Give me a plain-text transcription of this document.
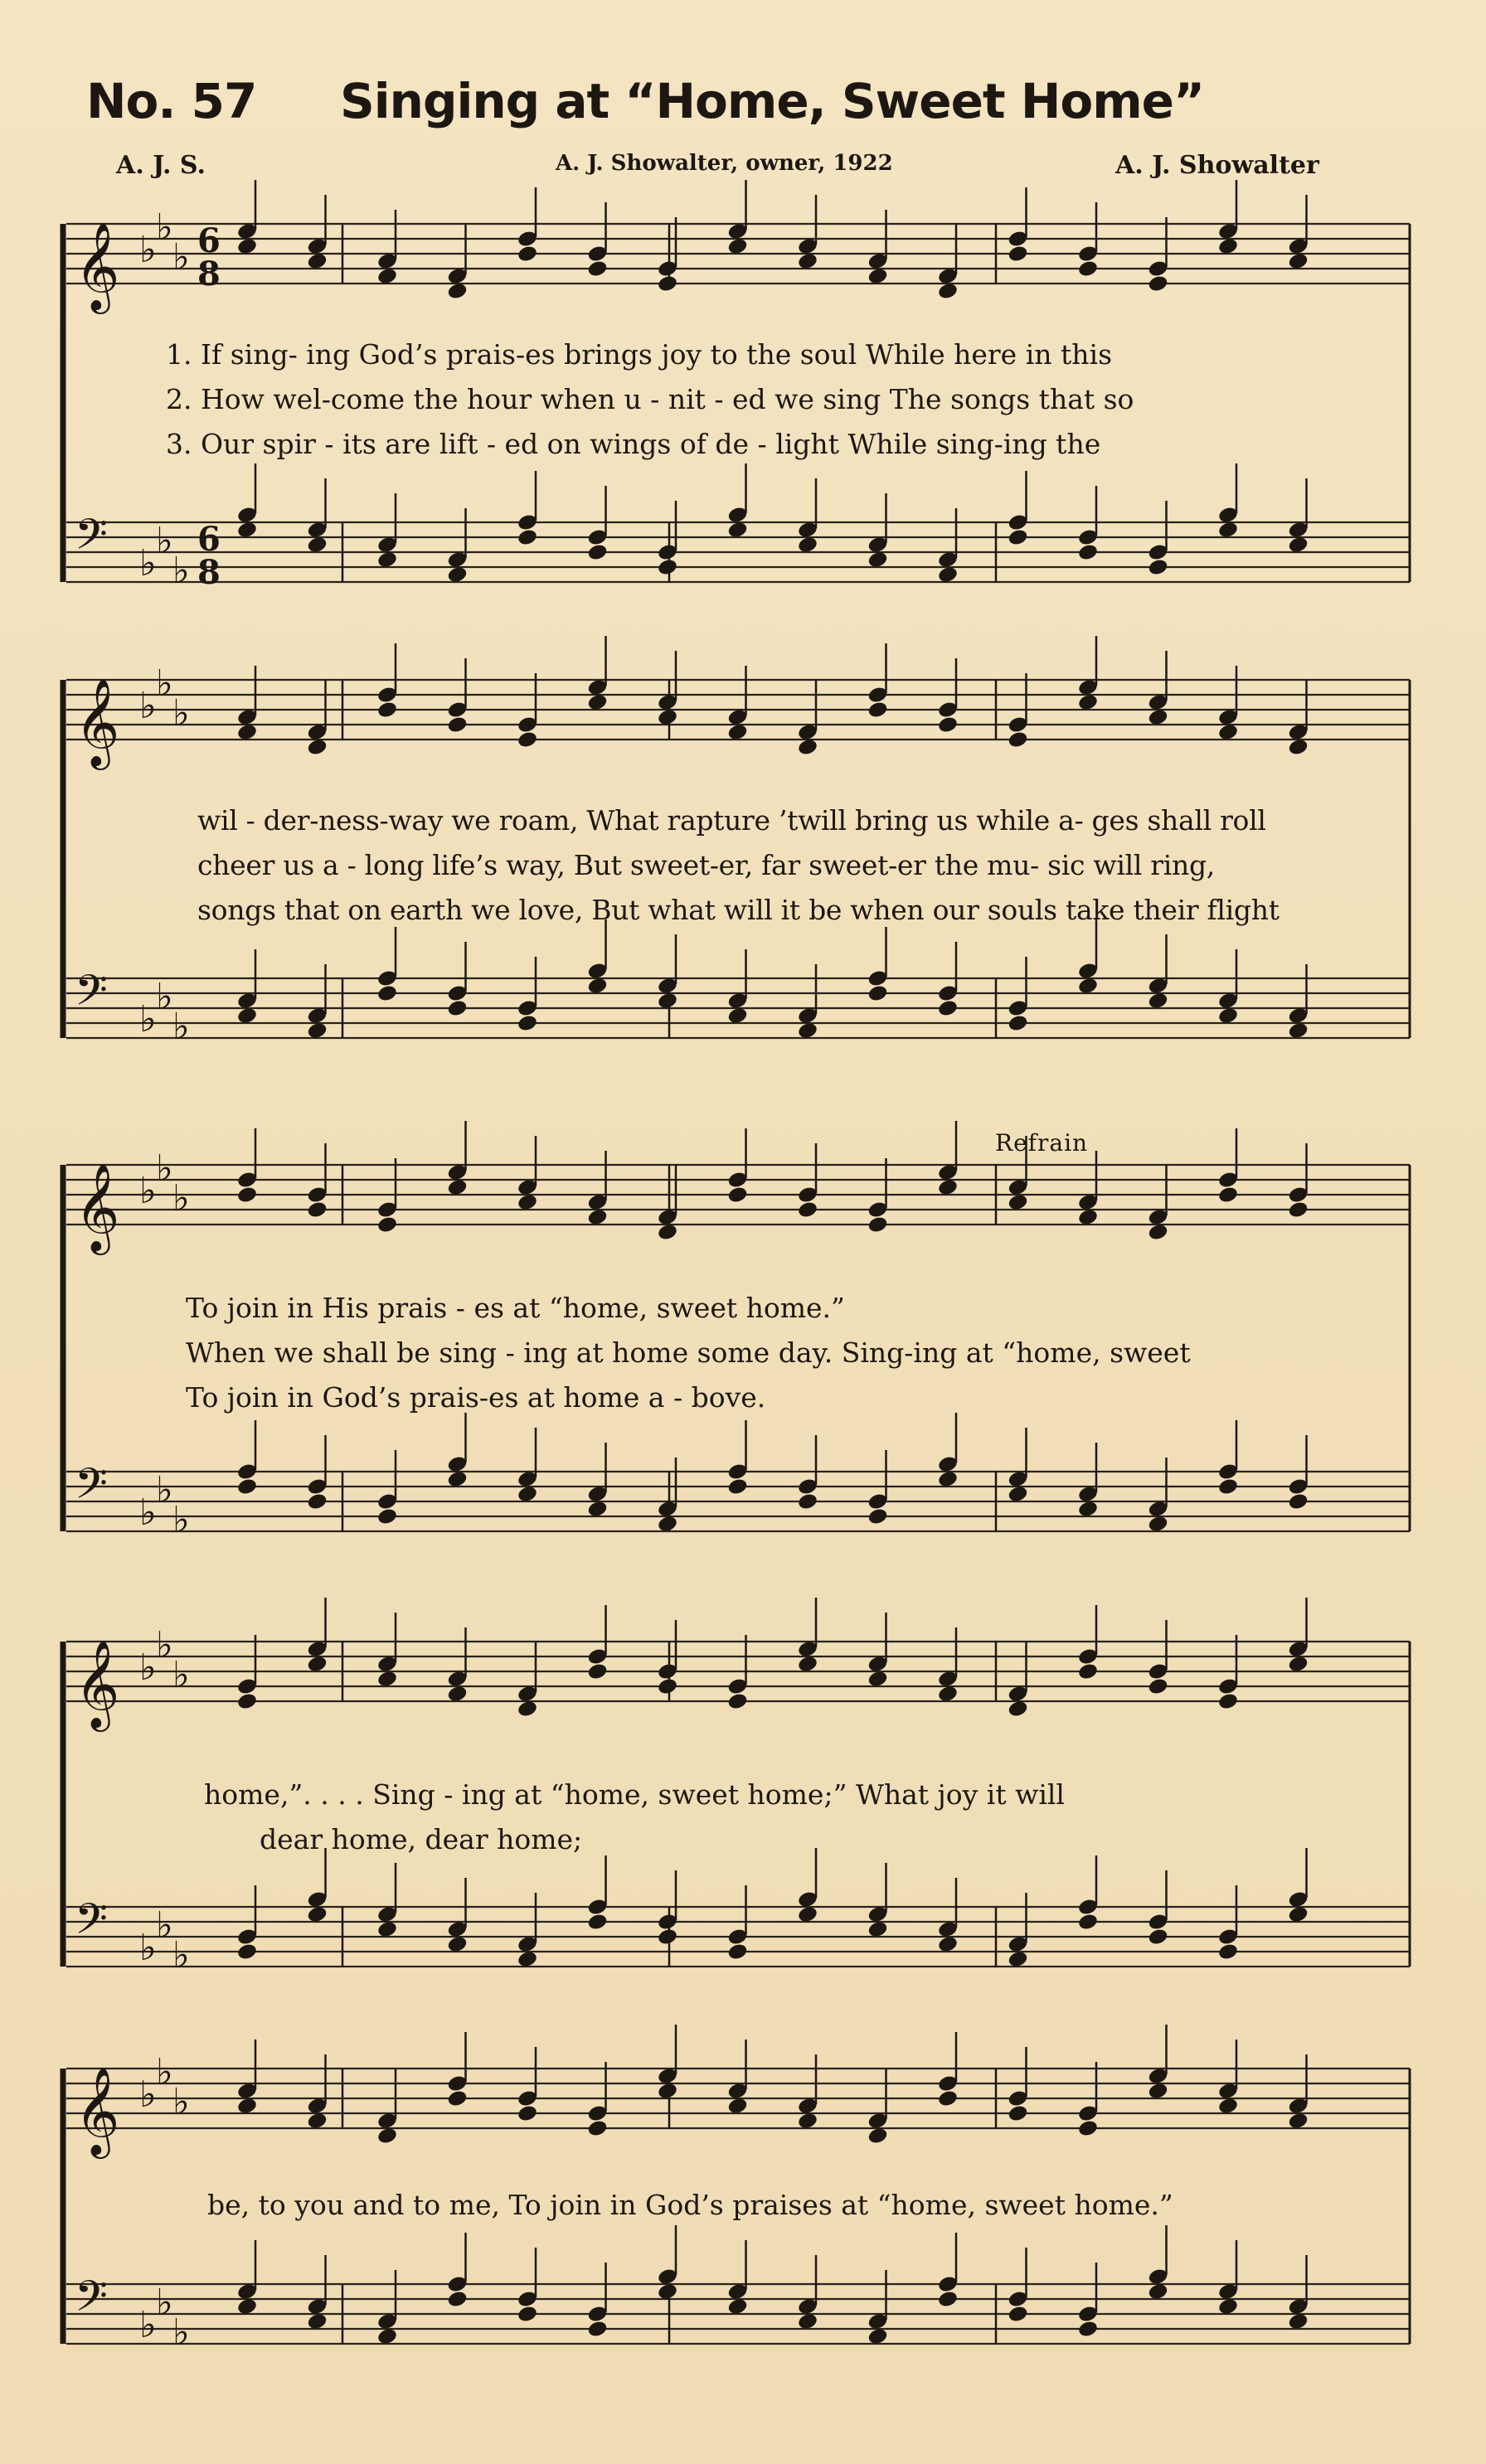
No. 57 Singing at “Home, Sweet Home”
A. J. S.	A. J. Showalter, owner, 1922	A. J. Showalter
𝄞 ♭
♭
♭ 6
8
𝄢 ♭
♭
♭
6
8
1. If sing- ing God’s prais-es brings joy to the soul While here in this
2. How wel-come the hour when u - nit - ed we sing The songs that so
3. Our spir - its are lift - ed on wings of de - light While sing-ing the
𝄞 ♭
♭
♭
𝄢 ♭
♭
♭
wil - der-ness-way we roam, What rapture ’twill bring us while a- ges shall roll
cheer us a - long life’s way, But sweet-er, far sweet-er the mu- sic will ring,
songs that on earth we love, But what will it be when our souls take their flight
Refrain
𝄞 ♭
♭
♭
𝄢 ♭
♭
♭
To join in His prais - es at “home, sweet home.”
When we shall be sing - ing at home some day. Sing-ing at “home, sweet
To join in God’s prais-es at home a - bove.
𝄞 ♭
♭
♭
𝄢 ♭
♭
♭
home,”. . . . Sing - ing at “home, sweet home;” What joy it will
dear home, dear home;
𝄞 ♭
♭
♭
𝄢 ♭
♭
♭
be, to you and to me, To join in God’s praises at “home, sweet home.”
